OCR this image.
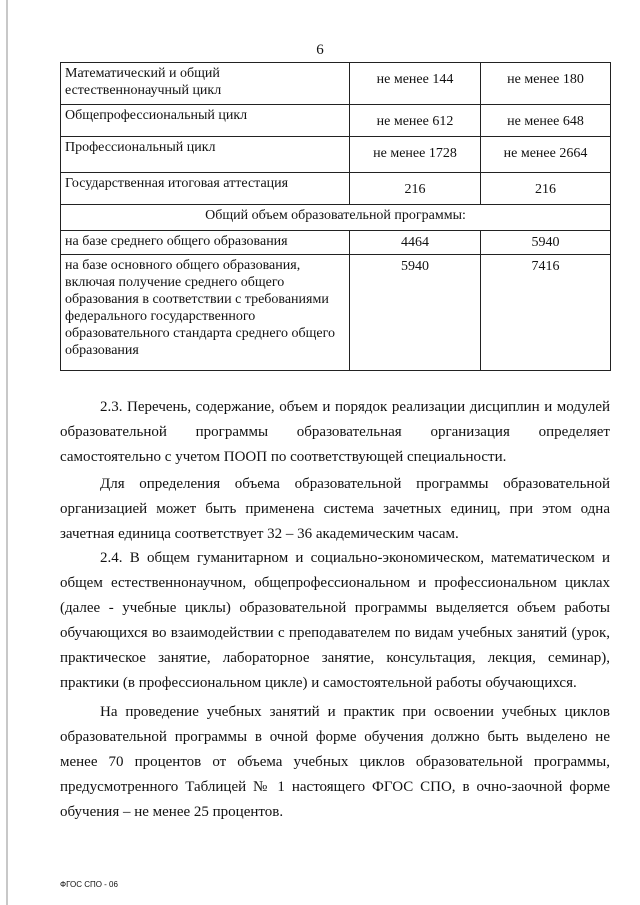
6
Математический и общий естественнонаучный цикл	не менее 144	не менее 180
Общепрофессиональный цикл	не менее 612	не менее 648
Профессиональный цикл	не менее 1728	не менее 2664
Государственная итоговая аттестация	216	216
Общий объем образовательной программы:		
на базе среднего общего образования	4464	5940
на базе основного общего образования, включая получение среднего общего образования в соответствии с требованиями федерального государственного образовательного стандарта среднего общего образования	5940	7416

2.3. Перечень, содержание, объем и порядок реализации дисциплин и модулей образовательной программы образовательная организация определяет самостоятельно с учетом ПООП по соответствующей специальности.

Для определения объема образовательной программы образовательной организацией может быть применена система зачетных единиц, при этом одна зачетная единица соответствует 32 – 36 академическим часам.

2.4. В общем гуманитарном и социально-экономическом, математическом и общем естественнонаучном, общепрофессиональном и профессиональном циклах (далее - учебные циклы) образовательной программы выделяется объем работы обучающихся во взаимодействии с преподавателем по видам учебных занятий (урок, практическое занятие, лабораторное занятие, консультация, лекция, семинар), практики (в профессиональном цикле) и самостоятельной работы обучающихся.

На проведение учебных занятий и практик при освоении учебных циклов образовательной программы в очной форме обучения должно быть выделено не менее 70 процентов от объема учебных циклов образовательной программы, предусмотренного Таблицей № 1 настоящего ФГОС СПО, в очно-заочной форме обучения – не менее 25 процентов.

ФГОС СПО - 06
